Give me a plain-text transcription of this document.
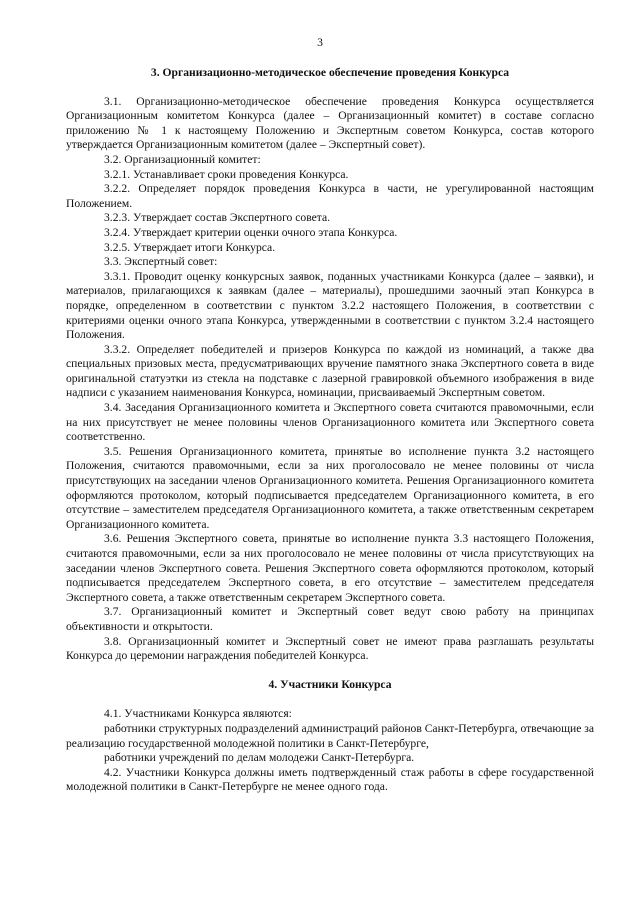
3
3. Организационно-методическое обеспечение проведения Конкурса

3.1. Организационно-методическое обеспечение проведения Конкурса осуществляется Организационным комитетом Конкурса (далее – Организационный комитет) в составе согласно приложению № 1 к настоящему Положению и Экспертным советом Конкурса, состав которого утверждается Организационным комитетом (далее – Экспертный совет).

3.2. Организационный комитет:

3.2.1. Устанавливает сроки проведения Конкурса.

3.2.2. Определяет порядок проведения Конкурса в части, не урегулированной настоящим Положением.

3.2.3. Утверждает состав Экспертного совета.

3.2.4. Утверждает критерии оценки очного этапа Конкурса.

3.2.5. Утверждает итоги Конкурса.

3.3. Экспертный совет:

3.3.1. Проводит оценку конкурсных заявок, поданных участниками Конкурса (далее – заявки), и материалов, прилагающихся к заявкам (далее – материалы), прошедшими заочный этап Конкурса в порядке, определенном в соответствии с пунктом 3.2.2 настоящего Положения, в соответствии с критериями оценки очного этапа Конкурса, утвержденными в соответствии с пунктом 3.2.4 настоящего Положения.

3.3.2. Определяет победителей и призеров Конкурса по каждой из номинаций, а также два специальных призовых места, предусматривающих вручение памятного знака Экспертного совета в виде оригинальной статуэтки из стекла на подставке с лазерной гравировкой объемного изображения в виде надписи с указанием наименования Конкурса, номинации, присваиваемый Экспертным советом.

3.4. Заседания Организационного комитета и Экспертного совета считаются правомочными, если на них присутствует не менее половины членов Организационного комитета или Экспертного совета соответственно.

3.5. Решения Организационного комитета, принятые во исполнение пункта 3.2 настоящего Положения, считаются правомочными, если за них проголосовало не менее половины от числа присутствующих на заседании членов Организационного комитета. Решения Организационного комитета оформляются протоколом, который подписывается председателем Организационного комитета, в его отсутствие – заместителем председателя Организационного комитета, а также ответственным секретарем Организационного комитета.

3.6. Решения Экспертного совета, принятые во исполнение пункта 3.3 настоящего Положения, считаются правомочными, если за них проголосовало не менее половины от числа присутствующих на заседании членов Экспертного совета. Решения Экспертного совета оформляются протоколом, который подписывается председателем Экспертного совета, в его отсутствие – заместителем председателя Экспертного совета, а также ответственным секретарем Экспертного совета.

3.7. Организационный комитет и Экспертный совет ведут свою работу на принципах объективности и открытости.

3.8. Организационный комитет и Экспертный совет не имеют права разглашать результаты Конкурса до церемонии награждения победителей Конкурса.

4. Участники Конкурса

4.1. Участниками Конкурса являются:

работники структурных подразделений администраций районов Санкт-Петербурга, отвечающие за реализацию государственной молодежной политики в Санкт-Петербурге,

работники учреждений по делам молодежи Санкт-Петербурга.

4.2. Участники Конкурса должны иметь подтвержденный стаж работы в сфере государственной молодежной политики в Санкт-Петербурге не менее одного года.
